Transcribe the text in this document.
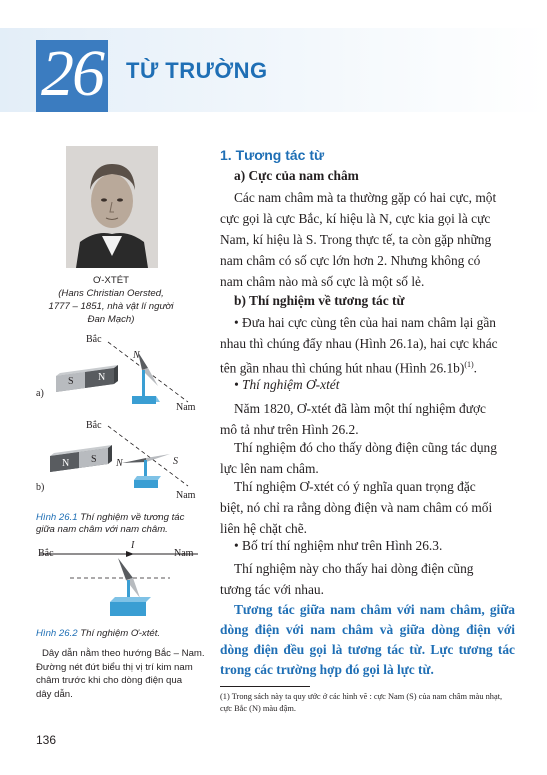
26 TỪ TRƯỜNG
Ơ-XTÉT
(Hans Christian Oersted,
1777 – 1851, nhà vật lí người
Đan Mạch)
Bắc
N
S N
Nam
a)
Bắc
N S N	S
b)
Nam
Hình 26.1 Thí nghiệm về tương tác
giữa nam châm với nam châm.
Bắc
I
Nam
Hình 26.2 Thí nghiệm Ơ-xtét.
Dây dẫn nằm theo hướng Bắc – Nam.
Đường nét đứt biểu thị vị trí kim nam
châm trước khi cho dòng điện qua
dây dẫn.
1. Tương tác từ
a) Cực của nam châm
Các nam châm mà ta thường gặp có hai cực, một
cực gọi là cực Bắc, kí hiệu là N, cực kia gọi là cực
Nam, kí hiệu là S. Trong thực tế, ta còn gặp những
nam châm có số cực lớn hơn 2. Nhưng không có
nam châm nào mà số cực là một số lẻ.
b) Thí nghiệm về tương tác từ
• Đưa hai cực cùng tên của hai nam châm lại gần
nhau thì chúng đẩy nhau (Hình 26.1a), hai cực khác
tên gần nhau thì chúng hút nhau (Hình 26.1b)$^{(1)}$.
• Thí nghiệm Ơ-xtét
Năm 1820, Ơ-xtét đã làm một thí nghiệm được
mô tả như trên Hình 26.2.
Thí nghiệm đó cho thấy dòng điện cũng tác dụng
lực lên nam châm.
Thí nghiệm Ơ-xtét có ý nghĩa quan trọng đặc
biệt, nó chỉ ra rằng dòng điện và nam châm có mối
liên hệ chặt chẽ.
• Bố trí thí nghiệm như trên Hình 26.3.
Thí nghiệm này cho thấy hai dòng điện cũng
tương tác với nhau.
Tương tác giữa nam châm với nam châm, giữa dòng điện với nam châm và giữa dòng điện với dòng điện đều gọi là tương tác từ. Lực tương tác trong các trường hợp đó gọi là lực từ.
(1) Trong sách này ta quy ước ở các hình vẽ : cực Nam (S) của nam châm màu nhạt, cực Bắc (N) màu đậm.
136
